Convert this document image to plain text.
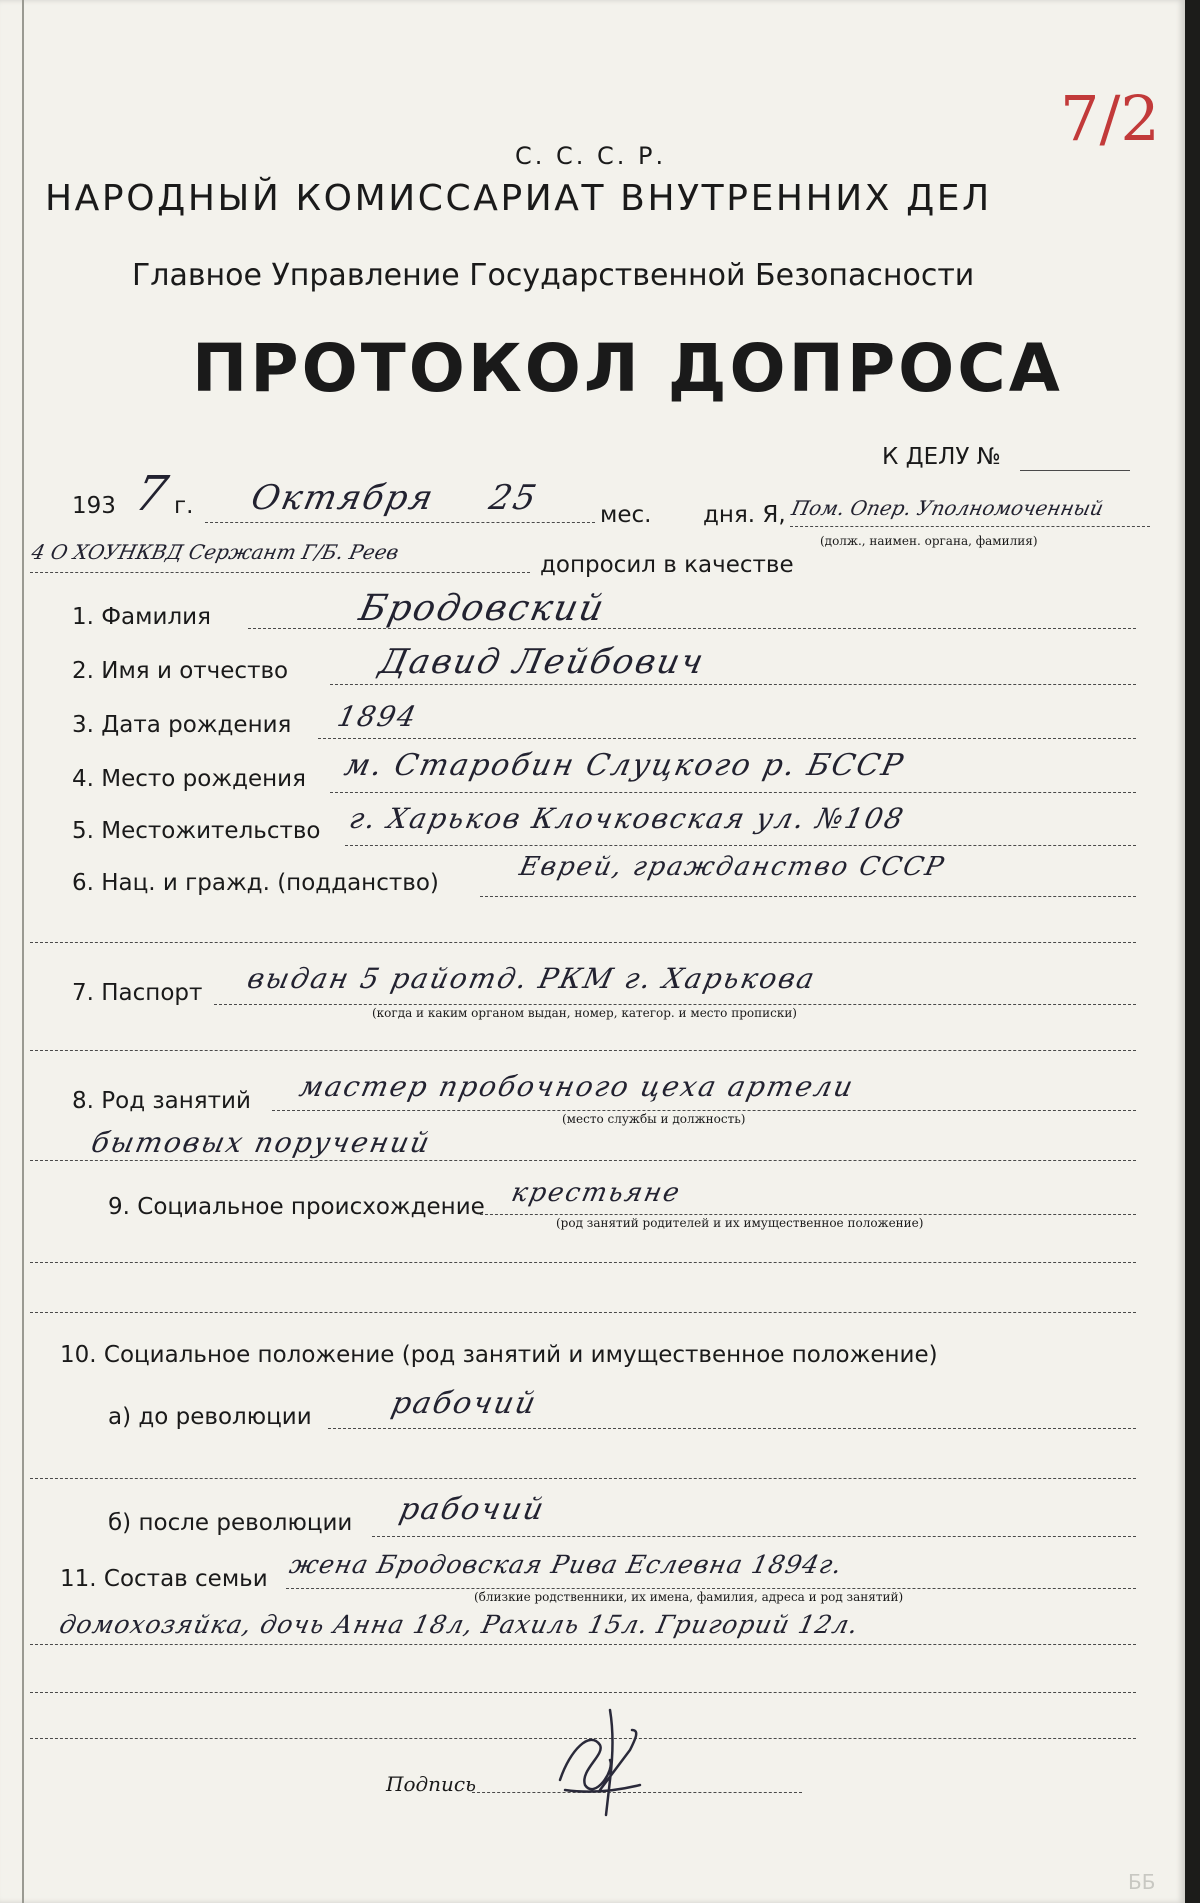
7/2
С. С. С. Р.
НАРОДНЫЙ КОМИССАРИАТ ВНУТРЕННИХ ДЕЛ
Главное Управление Государственной Безопасности
ПРОТОКОЛ ДОПРОСА
К ДЕЛУ №
193 7 г. Октября 25	мес. дня. Я, Пом. Опер. Уполномоченный
(долж., наимен. органа, фамилия)
4 О ХОУНКВД Сержант Г/Б. Реев	допросил в качестве
1. Фамилия	Бродовский
2. Имя и отчество	Давид Лейбович
3. Дата рождения 1894
4. Место рождения м. Старобин Слуцкого р. БССР
5. Местожительство г. Харьков Клочковская ул. №108
6. Нац. и гражд. (подданство)
Еврей, гражданство СССР
7. Паспорт выдан 5 райотд. РКМ г. Харькова
(когда и каким органом выдан, номер, категор. и место прописки)
8. Род занятий мастер пробочного цеха артели
(место службы и должность)
бытовых поручений
9. Социальное происхождение крестьяне
(род занятий родителей и их имущественное положение)
10. Социальное положение (род занятий и имущественное положение)
а) до революции	рабочий
б) после революции рабочий
11. Состав семьи жена Бродовская Рива Еслевна 1894г.
(близкие родственники, их имена, фамилия, адреса и род занятий)
домохозяйка, дочь Анна 18л, Рахиль 15л. Григорий 12л.
Подпись
ББ
